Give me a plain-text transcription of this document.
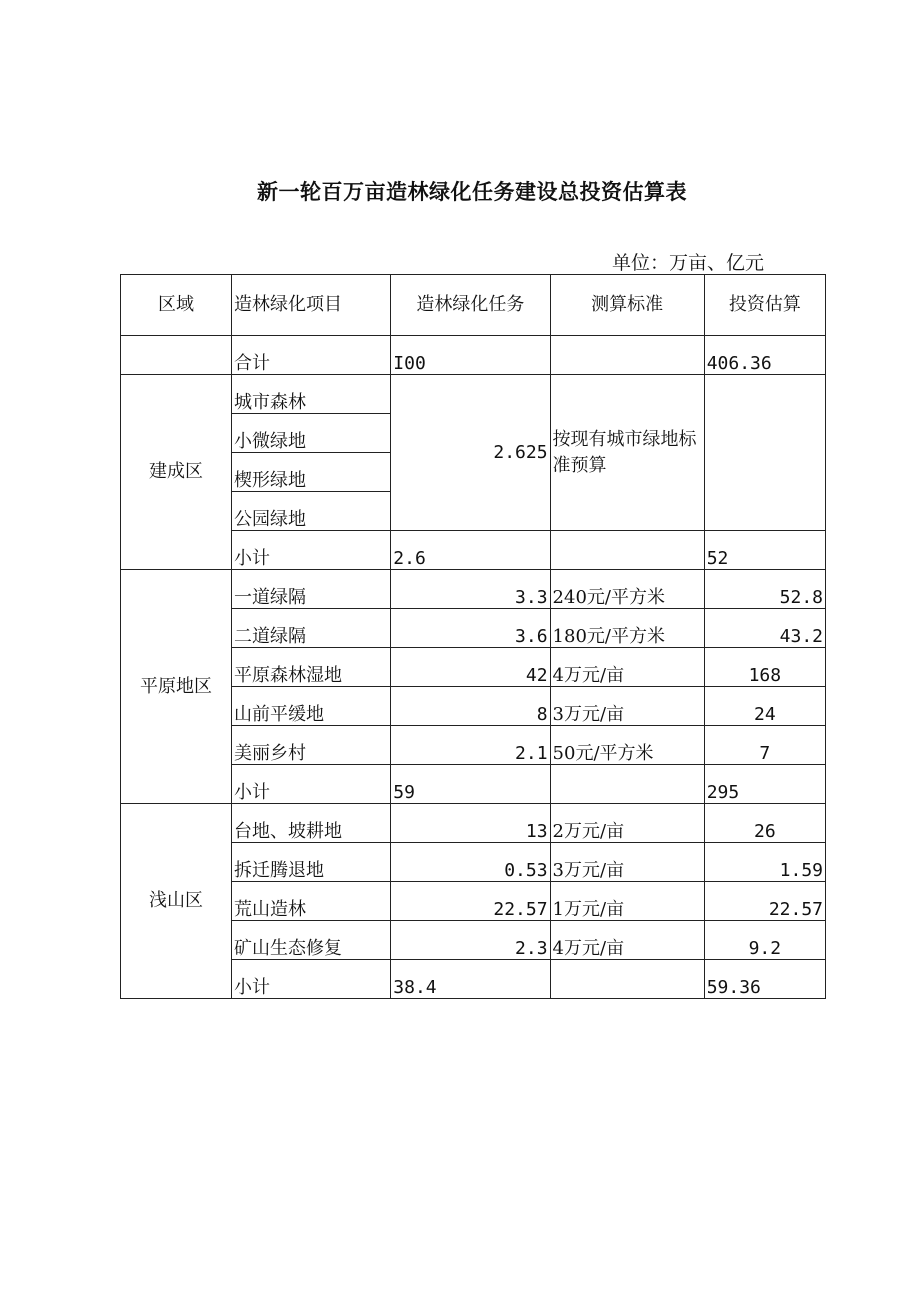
新一轮百万亩造林绿化任务建设总投资估算表
单位：万亩、亿元
区域	造林绿化项目	造林绿化任务	测算标准	投资估算
	合计	I00		406.36
建成区	城市森林	2.625	按现有城市绿地标准预算	
	小微绿地			
	楔形绿地			
	公园绿地			
	小计	2.6		52
平原地区	一道绿隔	3.3	240元/平方米	52.8
	二道绿隔	3.6	180元/平方米	43.2
	平原森林湿地	42	4万元/亩	168
	山前平缓地	8	3万元/亩	24
	美丽乡村	2.1	50元/平方米	7
	小计	59		295
浅山区	台地、坡耕地	13	2万元/亩	26
	拆迁腾退地	0.53	3万元/亩	1.59
	荒山造林	22.57	1万元/亩	22.57
	矿山生态修复	2.3	4万元/亩	9.2
	小计	38.4		59.36
